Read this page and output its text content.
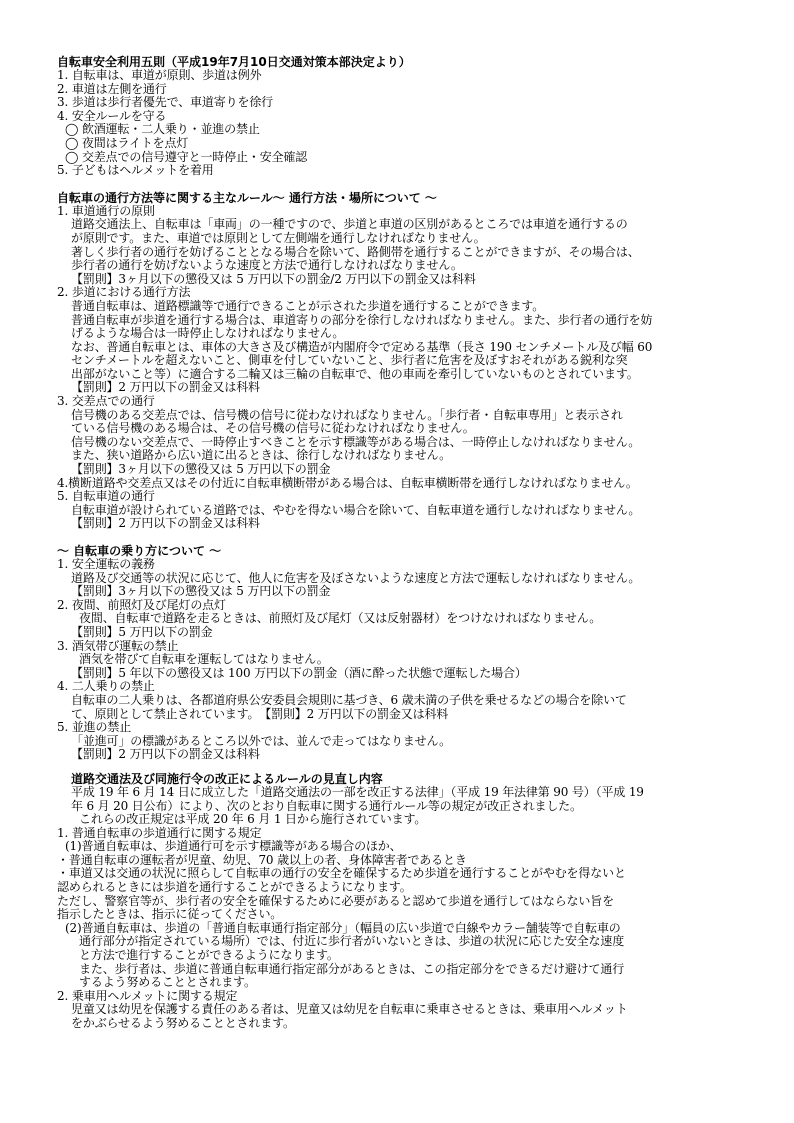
自転車安全利用五則（平成19年7月10日交通対策本部決定より）
1. 自転車は、車道が原則、歩道は例外
2. 車道は左側を通行
3. 歩道は歩行者優先で、車道寄りを徐行
4. 安全ルールを守る
◯ 飲酒運転・二人乗り・並進の禁止
◯ 夜間はライトを点灯
◯ 交差点での信号遵守と一時停止・安全確認
5. 子どもはヘルメットを着用
自転車の通行方法等に関する主なルール～ 通行方法・場所について ～
1. 車道通行の原則
道路交通法上、自転車は「車両」の一種ですので、歩道と車道の区別があるところでは車道を通行するの
が原則です。また、車道では原則として左側端を通行しなければなりません。
著しく歩行者の通行を妨げることとなる場合を除いて、路側帯を通行することができますが、その場合は、
歩行者の通行を妨げないような速度と方法で通行しなければなりません。
【罰則】3ヶ月以下の懲役又は 5 万円以下の罰金/2 万円以下の罰金又は科料
2. 歩道における通行方法
普通自転車は、道路標識等で通行できることが示された歩道を通行することができます。
普通自転車が歩道を通行する場合は、車道寄りの部分を徐行しなければなりません。また、歩行者の通行を妨
げるような場合は一時停止しなければなりません。
なお、普通自転車とは、車体の大きさ及び構造が内閣府令で定める基準（長さ 190 センチメートル及び幅 60
センチメートルを超えないこと、側車を付していないこと、歩行者に危害を及ぼすおそれがある鋭利な突
出部がないこと等）に適合する二輪又は三輪の自転車で、他の車両を牽引していないものとされています。
【罰則】2 万円以下の罰金又は科料
3. 交差点での通行
信号機のある交差点では、信号機の信号に従わなければなりません。「歩行者・自転車専用」と表示され
ている信号機のある場合は、その信号機の信号に従わなければなりません。
信号機のない交差点で、一時停止すべきことを示す標識等がある場合は、一時停止しなければなりません。
また、狭い道路から広い道に出るときは、徐行しなければなりません。
【罰則】3ヶ月以下の懲役又は 5 万円以下の罰金
4.横断道路や交差点又はその付近に自転車横断帯がある場合は、自転車横断帯を通行しなければなりません。
5. 自転車道の通行
自転車道が設けられている道路では、やむを得ない場合を除いて、自転車道を通行しなければなりません。
【罰則】2 万円以下の罰金又は科料
～ 自転車の乗り方について ～
1. 安全運転の義務
道路及び交通等の状況に応じて、他人に危害を及ぼさないような速度と方法で運転しなければなりません。
【罰則】3ヶ月以下の懲役又は 5 万円以下の罰金
2. 夜間、前照灯及び尾灯の点灯
夜間、自転車で道路を走るときは、前照灯及び尾灯（又は反射器材）をつけなければなりません。
【罰則】5 万円以下の罰金
3. 酒気帯び運転の禁止
酒気を帯びて自転車を運転してはなりません。
【罰則】5 年以下の懲役又は 100 万円以下の罰金（酒に酔った状態で運転した場合）
4. 二人乗りの禁止
自転車の二人乗りは、各都道府県公安委員会規則に基づき、6 歳未満の子供を乗せるなどの場合を除いて
て、原則として禁止されています。　【罰則】2 万円以下の罰金又は科料
5. 並進の禁止
「並進可」の標識があるところ以外では、並んで走ってはなりません。
【罰則】2 万円以下の罰金又は科料
道路交通法及び同施行令の改正によるルールの見直し内容
平成 19 年 6 月 14 日に成立した「道路交通法の一部を改正する法律」（平成 19 年法律第 90 号）（平成 19
年 6 月 20 日公布）により、次のとおり自転車に関する通行ルール等の規定が改正されました。
これらの改正規定は平成 20 年 6 月 1 日から施行されています。
1. 普通自転車の歩道通行に関する規定
(1)普通自転車は、歩道通行可を示す標識等がある場合のほか、
・普通自転車の運転者が児童、幼児、70 歳以上の者、身体障害者であるとき
・車道又は交通の状況に照らして自転車の通行の安全を確保するため歩道を通行することがやむを得ないと
認められるときには歩道を通行することができるようになります。
ただし、警察官等が、歩行者の安全を確保するために必要があると認めて歩道を通行してはならない旨を
指示したときは、指示に従ってください。
(2)普通自転車は、歩道の「普通自転車通行指定部分」（幅員の広い歩道で白線やカラー舗装等で自転車の
通行部分が指定されている場所）では、付近に歩行者がいないときは、歩道の状況に応じた安全な速度
と方法で進行することができるようになります。
また、歩行者は、歩道に普通自転車通行指定部分があるときは、この指定部分をできるだけ避けて通行
するよう努めることとされます。
2. 乗車用ヘルメットに関する規定
児童又は幼児を保護する責任のある者は、児童又は幼児を自転車に乗車させるときは、乗車用ヘルメット
をかぶらせるよう努めることとされます。
